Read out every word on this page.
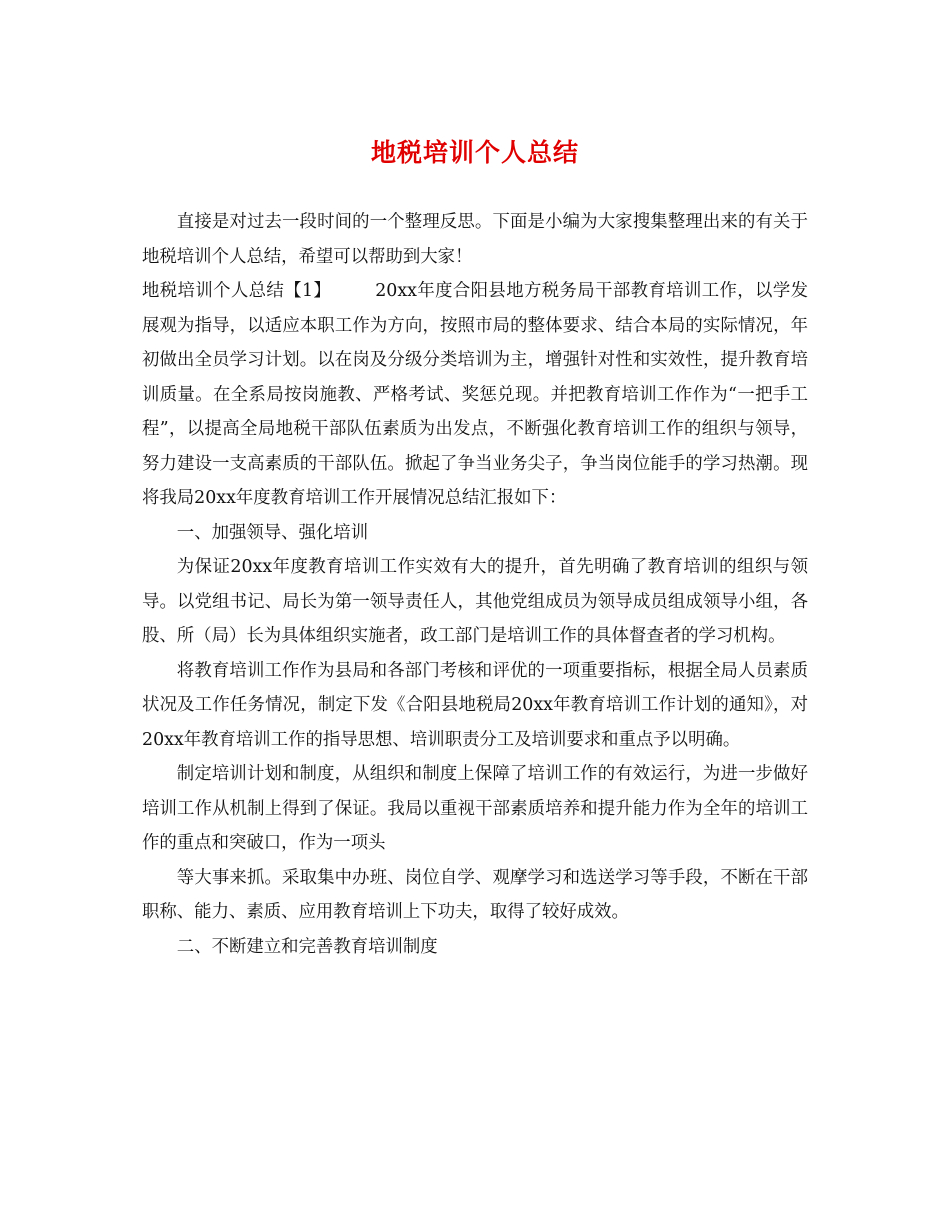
地税培训个人总结

直接是对过去一段时间的一个整理反思。下面是小编为大家搜集整理出来的有关于地税培训个人总结，希望可以帮助到大家！

地税培训个人总结【1】	20xx年度合阳县地方税务局干部教育培训工作，以学发展观为指导，以适应本职工作为方向，按照市局的整体要求、结合本局的实际情况，年初做出全员学习计划。以在岗及分级分类培训为主，增强针对性和实效性，提升教育培训质量。在全系局按岗施教、严格考试、奖惩兑现。并把教育培训工作作为“一把手工程”，以提高全局地税干部队伍素质为出发点，不断强化教育培训工作的组织与领导，努力建设一支高素质的干部队伍。掀起了争当业务尖子，争当岗位能手的学习热潮。现将我局20xx年度教育培训工作开展情况总结汇报如下：

一、加强领导、强化培训

为保证20xx年度教育培训工作实效有大的提升，首先明确了教育培训的组织与领导。以党组书记、局长为第一领导责任人，其他党组成员为领导成员组成领导小组，各股、所（局）长为具体组织实施者，政工部门是培训工作的具体督查者的学习机构。

将教育培训工作作为县局和各部门考核和评优的一项重要指标，根据全局人员素质状况及工作任务情况，制定下发《合阳县地税局20xx年教育培训工作计划的通知》，对20xx年教育培训工作的指导思想、培训职责分工及培训要求和重点予以明确。

制定培训计划和制度，从组织和制度上保障了培训工作的有效运行，为进一步做好培训工作从机制上得到了保证。我局以重视干部素质培养和提升能力作为全年的培训工作的重点和突破口，作为一项头

等大事来抓。采取集中办班、岗位自学、观摩学习和选送学习等手段，不断在干部职称、能力、素质、应用教育培训上下功夫，取得了较好成效。

二、不断建立和完善教育培训制度
